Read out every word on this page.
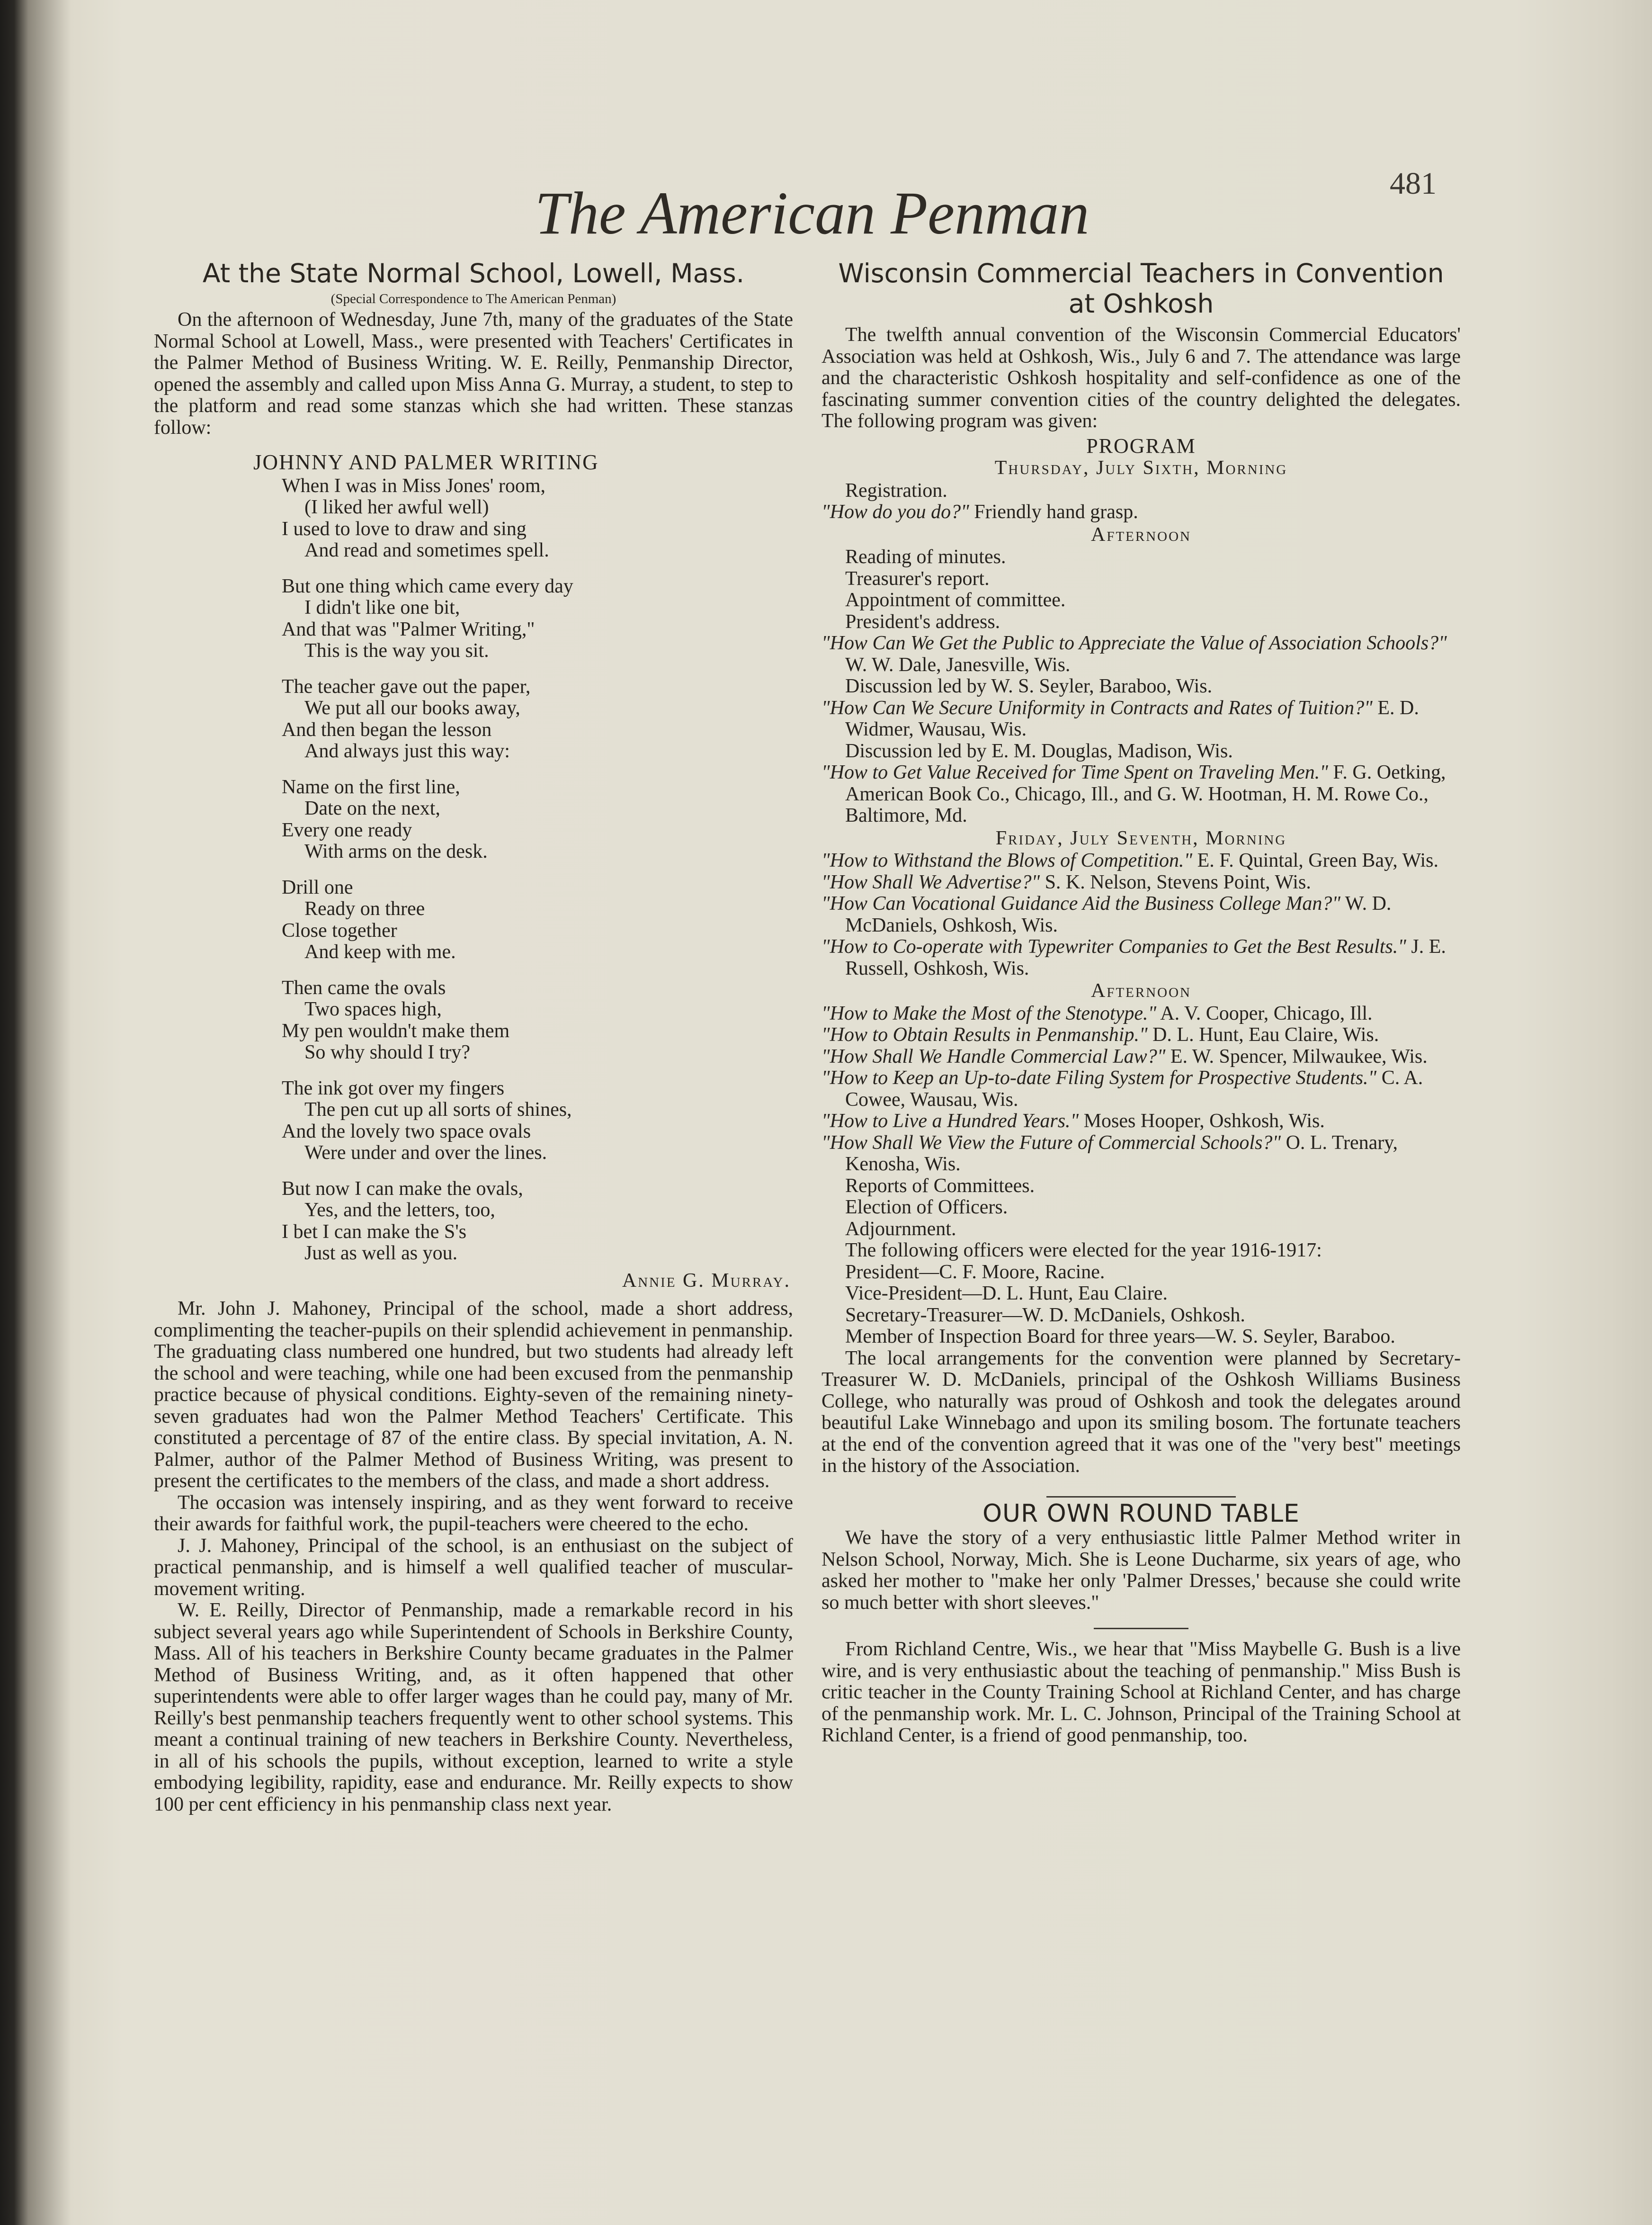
The American Penman	481
At the State Normal School, Lowell, Mass.
(Special Correspondence to The American Penman)

On the afternoon of Wednesday, June 7th, many of the graduates of the State Normal School at Lowell, Mass., were presented with Teachers' Certificates in the Palmer Method of Business Writing. W. E. Reilly, Penmanship Director, opened the assembly and called upon Miss Anna G. Murray, a student, to step to the platform and read some stanzas which she had written. These stanzas follow:

JOHNNY AND PALMER WRITING
When I was in Miss Jones' room,
(I liked her awful well)
I used to love to draw and sing
And read and sometimes spell.
But one thing which came every day
I didn't like one bit,
And that was "Palmer Writing,"
This is the way you sit.
The teacher gave out the paper,
We put all our books away,
And then began the lesson
And always just this way:
Name on the first line,
Date on the next,
Every one ready
With arms on the desk.
Drill one
Ready on three
Close together
And keep with me.
Then came the ovals
Two spaces high,
My pen wouldn't make them
So why should I try?
The ink got over my fingers
The pen cut up all sorts of shines,
And the lovely two space ovals
Were under and over the lines.
But now I can make the ovals,
Yes, and the letters, too,
I bet I can make the S's
Just as well as you.
Annie G. Murray.

Mr. John J. Mahoney, Principal of the school, made a short address, complimenting the teacher-pupils on their splendid achievement in penmanship. The graduating class numbered one hundred, but two students had already left the school and were teaching, while one had been excused from the penmanship practice because of physical conditions. Eighty-seven of the remaining ninety-seven graduates had won the Palmer Method Teachers' Certificate. This constituted a percentage of 87 of the entire class. By special invitation, A. N. Palmer, author of the Palmer Method of Business Writing, was present to present the certificates to the members of the class, and made a short address.

The occasion was intensely inspiring, and as they went forward to receive their awards for faithful work, the pupil-teachers were cheered to the echo.

J. J. Mahoney, Principal of the school, is an enthusiast on the subject of practical penmanship, and is himself a well qualified teacher of muscular-movement writing.

W. E. Reilly, Director of Penmanship, made a remarkable record in his subject several years ago while Superintendent of Schools in Berkshire County, Mass. All of his teachers in Berkshire County became graduates in the Palmer Method of Business Writing, and, as it often happened that other superintendents were able to offer larger wages than he could pay, many of Mr. Reilly's best penmanship teachers frequently went to other school systems. This meant a continual training of new teachers in Berkshire County. Nevertheless, in all of his schools the pupils, without exception, learned to write a style embodying legibility, rapidity, ease and endurance. Mr. Reilly expects to show 100 per cent efficiency in his penmanship class next year.

Wisconsin Commercial Teachers in Convention at Oshkosh

The twelfth annual convention of the Wisconsin Commercial Educators' Association was held at Oshkosh, Wis., July 6 and 7. The attendance was large and the characteristic Oshkosh hospitality and self-confidence as one of the fascinating summer convention cities of the country delighted the delegates. The following program was given:

PROGRAM
Thursday, July Sixth, Morning
Registration.
"How do you do?" Friendly hand grasp.
Afternoon
Reading of minutes.
Treasurer's report.
Appointment of committee.
President's address.
"How Can We Get the Public to Appreciate the Value of Association Schools?" W. W. Dale, Janesville, Wis.
Discussion led by W. S. Seyler, Baraboo, Wis.
"How Can We Secure Uniformity in Contracts and Rates of Tuition?" E. D. Widmer, Wausau, Wis.
Discussion led by E. M. Douglas, Madison, Wis.
"How to Get Value Received for Time Spent on Traveling Men." F. G. Oetking, American Book Co., Chicago, Ill., and G. W. Hootman, H. M. Rowe Co., Baltimore, Md.
Friday, July Seventh, Morning
"How to Withstand the Blows of Competition." E. F. Quintal, Green Bay, Wis.
"How Shall We Advertise?" S. K. Nelson, Stevens Point, Wis.
"How Can Vocational Guidance Aid the Business College Man?" W. D. McDaniels, Oshkosh, Wis.
"How to Co-operate with Typewriter Companies to Get the Best Results." J. E. Russell, Oshkosh, Wis.
Afternoon
"How to Make the Most of the Stenotype." A. V. Cooper, Chicago, Ill.
"How to Obtain Results in Penmanship." D. L. Hunt, Eau Claire, Wis.
"How Shall We Handle Commercial Law?" E. W. Spencer, Milwaukee, Wis.
"How to Keep an Up-to-date Filing System for Prospective Students." C. A. Cowee, Wausau, Wis.
"How to Live a Hundred Years." Moses Hooper, Oshkosh, Wis.
"How Shall We View the Future of Commercial Schools?" O. L. Trenary, Kenosha, Wis.
Reports of Committees.
Election of Officers.
Adjournment.

The following officers were elected for the year 1916-1917:

President—C. F. Moore, Racine.
Vice-President—D. L. Hunt, Eau Claire.
Secretary-Treasurer—W. D. McDaniels, Oshkosh.

Member of Inspection Board for three years—W. S. Seyler, Baraboo.

The local arrangements for the convention were planned by Secretary-Treasurer W. D. McDaniels, principal of the Oshkosh Williams Business College, who naturally was proud of Oshkosh and took the delegates around beautiful Lake Winnebago and upon its smiling bosom. The fortunate teachers at the end of the convention agreed that it was one of the "very best" meetings in the history of the Association.

OUR OWN ROUND TABLE

We have the story of a very enthusiastic little Palmer Method writer in Nelson School, Norway, Mich. She is Leone Ducharme, six years of age, who asked her mother to "make her only 'Palmer Dresses,' because she could write so much better with short sleeves."

From Richland Centre, Wis., we hear that "Miss Maybelle G. Bush is a live wire, and is very enthusiastic about the teaching of penmanship." Miss Bush is critic teacher in the County Training School at Richland Center, and has charge of the penmanship work. Mr. L. C. Johnson, Principal of the Training School at Richland Center, is a friend of good penmanship, too.
